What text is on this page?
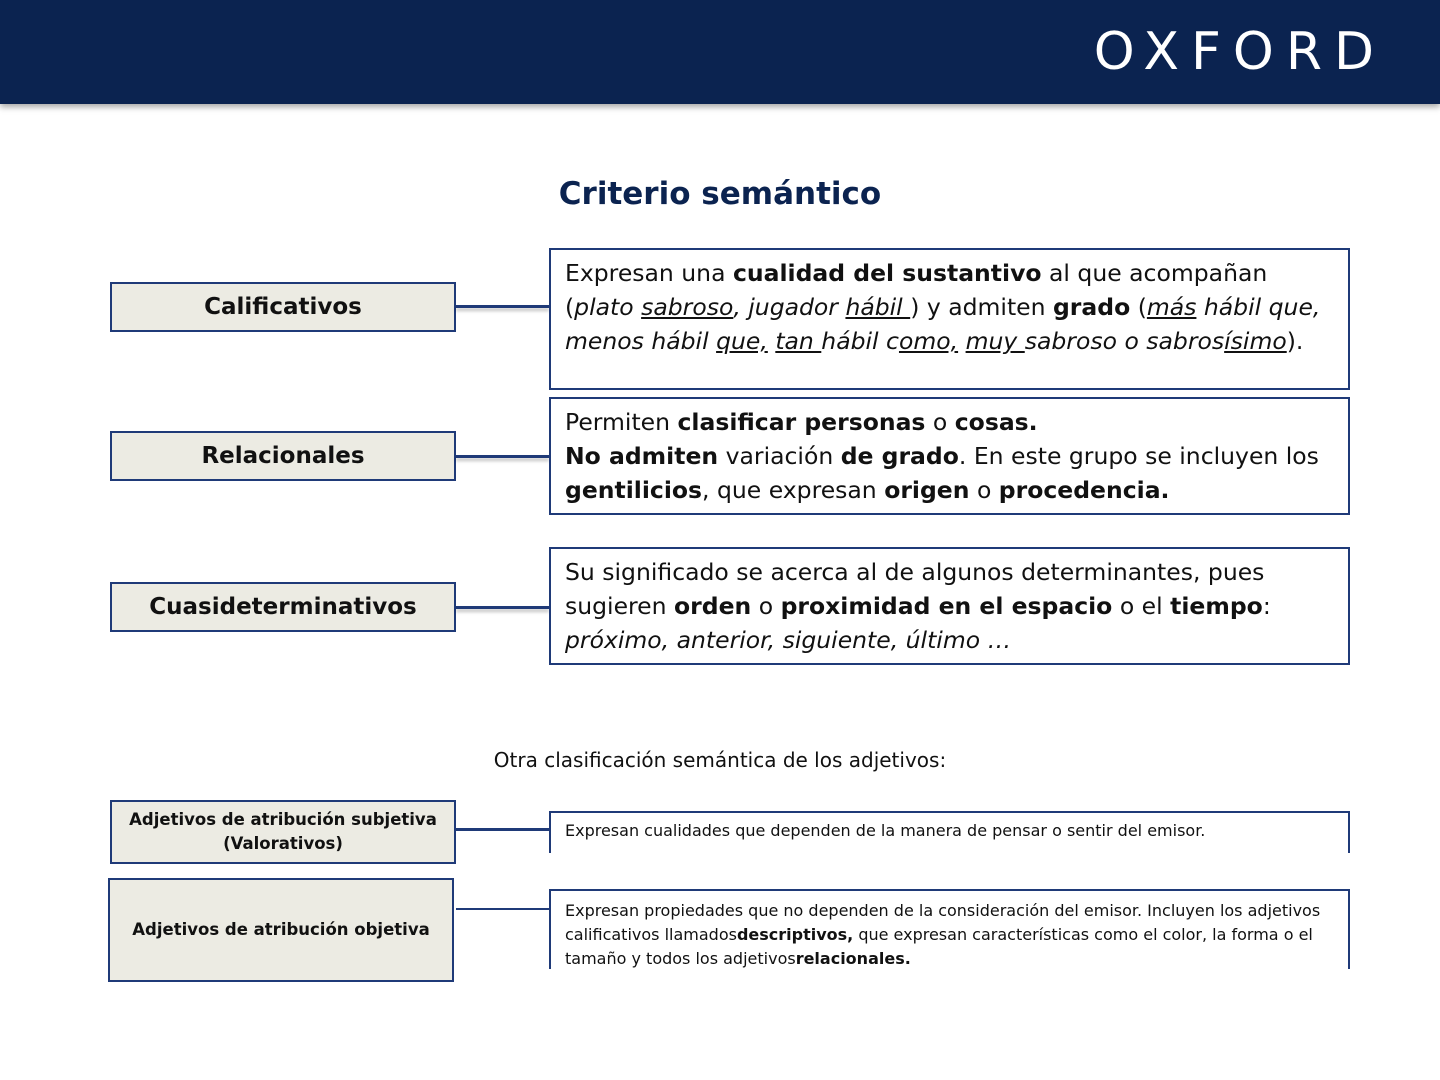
OXFORD
Criterio semántico
Calificativos
Expresan una cualidad del sustantivo al que acompañan (plato sabroso, jugador hábil ) y admiten grado (más hábil que, menos hábil que, tan hábil como, muy sabroso o sabrosísimo).
Relacionales
Permiten clasificar personas o cosas.
No admiten variación de grado. En este grupo se incluyen los gentilicios, que expresan origen o procedencia.
Cuasideterminativos
Su significado se acerca al de algunos determinantes, pues sugieren orden o proximidad en el espacio o el tiempo: próximo, anterior, siguiente, último …
Otra clasificación semántica de los adjetivos:
Adjetivos de atribución subjetiva
(Valorativos)
Expresan cualidades que dependen de la manera de pensar o sentir del emisor.
Adjetivos de atribución objetiva
Expresan propiedades que no dependen de la consideración del emisor. Incluyen los adjetivos calificativos llamadosdescriptivos, que expresan características como el color, la forma o el tamaño y todos los adjetivosrelacionales.
